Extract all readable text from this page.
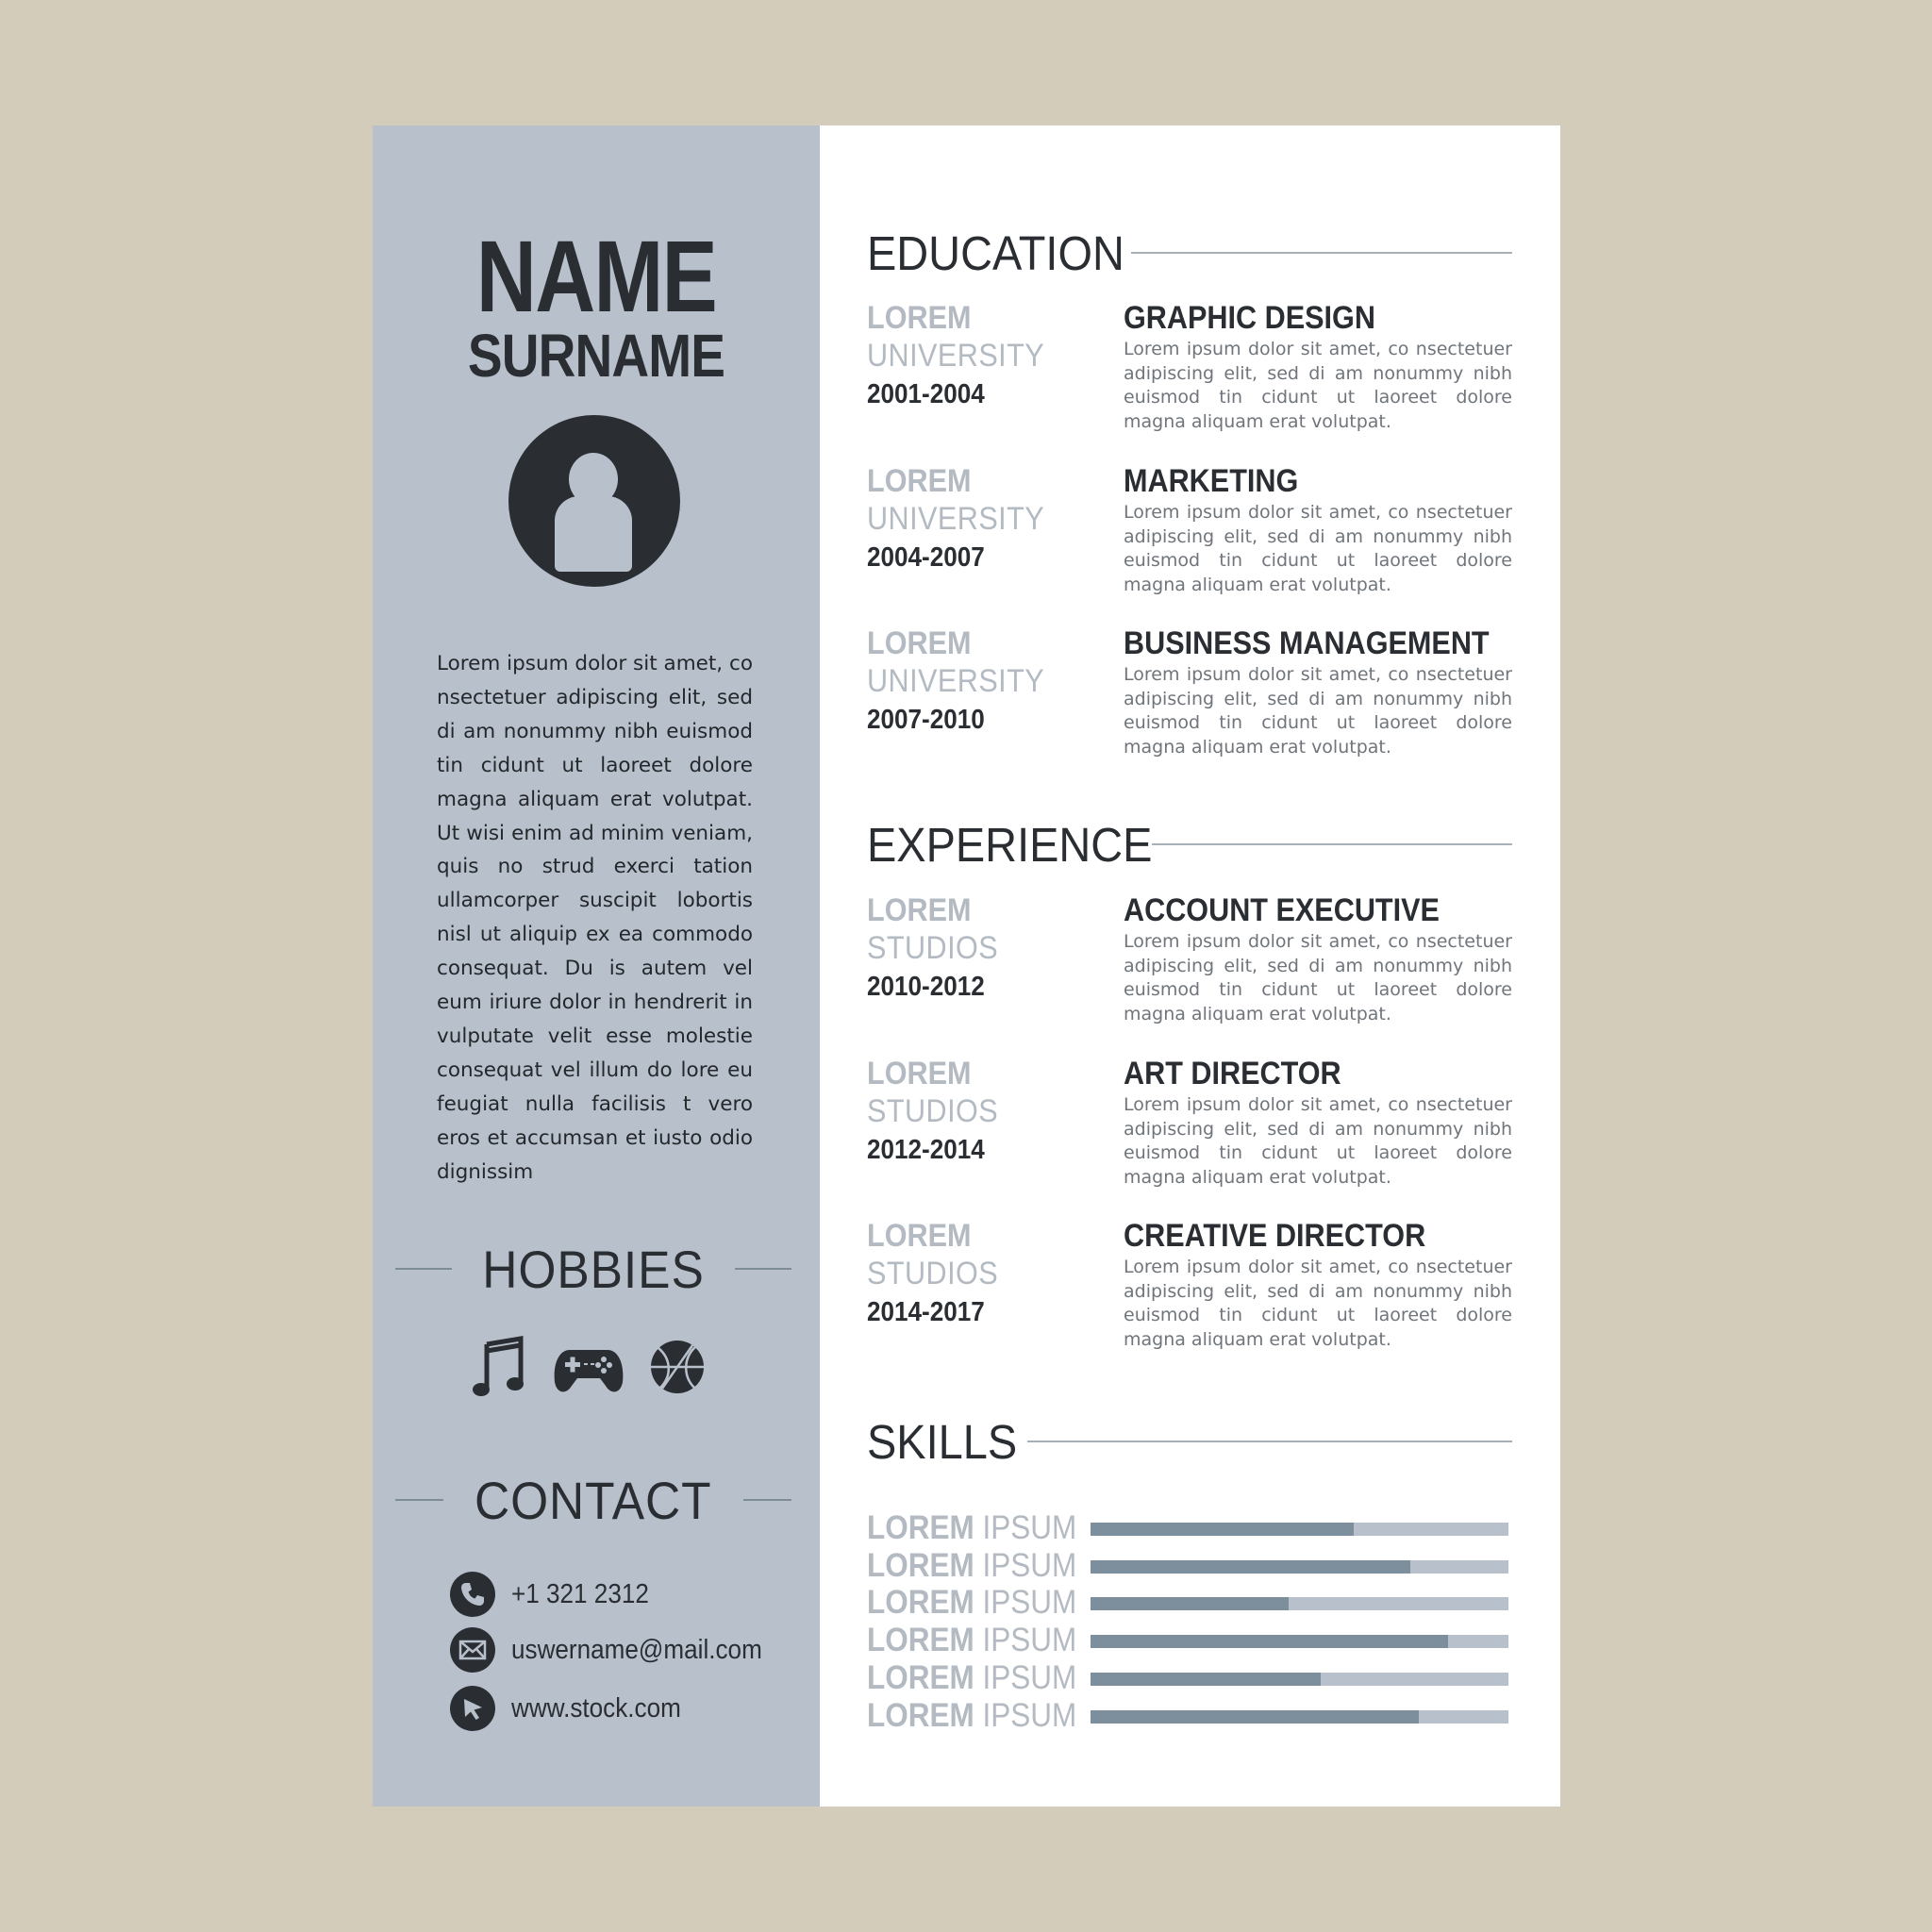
NAME
SURNAME

Lorem ipsum dolor sit amet, co nsectetuer adipiscing elit, sed di am nonummy nibh euismod tin cidunt ut laoreet dolore magna aliquam erat volutpat. Ut wisi enim ad minim veniam, quis no strud exerci tation ullamcorper suscipit lobortis nisl ut aliquip ex ea commodo consequat. Du is autem vel eum iriure dolor in hendrerit in vulputate velit esse molestie consequat vel illum do lore eu feugiat nulla facilisis t vero eros et accumsan et iusto odio dignissim

HOBBIES
CONTACT
+1 321 2312
uswername@mail.com
www.stock.com
EDUCATION
LOREM
UNIVERSITY
2001-2004
GRAPHIC DESIGN

Lorem ipsum dolor sit amet, co nsectetuer adipiscing elit, sed di am nonummy nibh euismod tin cidunt ut laoreet dolore magna aliquam erat volutpat.

LOREM
UNIVERSITY
2004-2007
MARKETING

Lorem ipsum dolor sit amet, co nsectetuer adipiscing elit, sed di am nonummy nibh euismod tin cidunt ut laoreet dolore magna aliquam erat volutpat.

LOREM
UNIVERSITY
2007-2010
BUSINESS MANAGEMENT

Lorem ipsum dolor sit amet, co nsectetuer adipiscing elit, sed di am nonummy nibh euismod tin cidunt ut laoreet dolore magna aliquam erat volutpat.

EXPERIENCE
LOREM
STUDIOS
2010-2012
ACCOUNT EXECUTIVE

Lorem ipsum dolor sit amet, co nsectetuer adipiscing elit, sed di am nonummy nibh euismod tin cidunt ut laoreet dolore magna aliquam erat volutpat.

LOREM
STUDIOS
2012-2014
ART DIRECTOR

Lorem ipsum dolor sit amet, co nsectetuer adipiscing elit, sed di am nonummy nibh euismod tin cidunt ut laoreet dolore magna aliquam erat volutpat.

LOREM
STUDIOS
2014-2017
CREATIVE DIRECTOR

Lorem ipsum dolor sit amet, co nsectetuer adipiscing elit, sed di am nonummy nibh euismod tin cidunt ut laoreet dolore magna aliquam erat volutpat.

SKILLS
LOREM IPSUM
LOREM IPSUM
LOREM IPSUM
LOREM IPSUM
LOREM IPSUM
LOREM IPSUM
